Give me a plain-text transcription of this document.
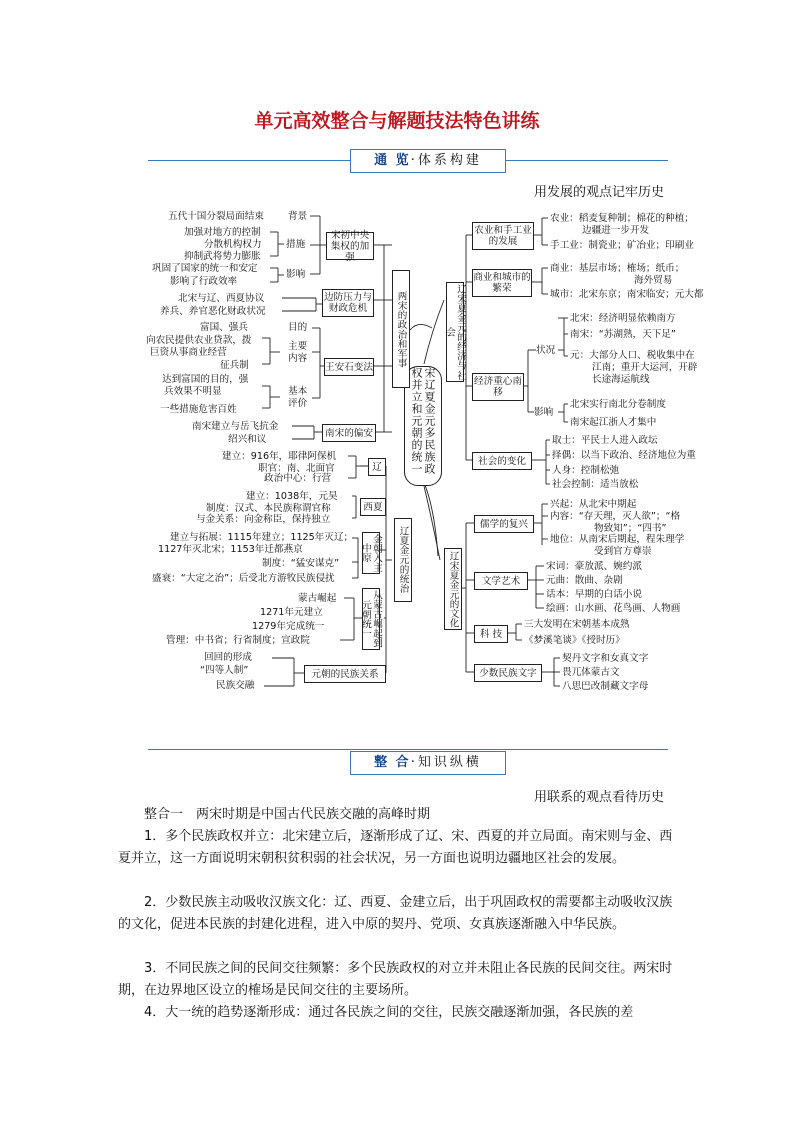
单元高效整合与解题技法特色讲练
通 览·体系构建
用发展的观点记牢历史
宋辽夏金元多民族政权并立和元朝的统一
两宋的政治和军事
辽夏金元的统治
辽宋夏金元的经济与社会
辽宋夏金元的文化
宋初中央集权的加强
五代十国分裂局面结束	背景
加强对地方的控制
分散机构权力	措施
抑制武将势力膨胀
巩固了国家的统一和安定
影响了行政效率
影响
边防压力与财政危机
北宋与辽、西夏协议
养兵、养官恶化财政状况
王安石变法
富国、强兵	目的
向农民提供农业贷款，拨
巨资从事商业经营
主要
内容
征兵制
达到富国的目的，强
兵效果不明显	基本
评价
一些措施危害百姓
南宋的偏安
南宋建立与岳飞抗金
绍兴和议
辽
建立：916年，耶律阿保机
职官：南、北面官
政治中心：行营
西夏
建立：1038年，元昊
制度：汉式、本民族称谓官称
与金关系：向金称臣，保持独立
金朝入主中原
建立与拓展：1115年建立；1125年灭辽；
1127年灭北宋；1153年迁都燕京
制度：“猛安谋克”
盛衰：“大定之治”；后受北方游牧民族侵扰
从蒙古崛起到元朝统一
蒙古崛起
1271年元建立
1279年完成统一
管理：中书省；行省制度；宣政院
元朝的民族关系
回回的形成
“四等人制”
民族交融
农业和手工业的发展
农业：稻麦复种制；棉花的种植；
边疆进一步开发
手工业：制瓷业；矿冶业；印刷业
商业和城市的繁荣
商业：基层市场；榷场；纸币；
海外贸易
城市：北宋东京；南宋临安；元大都
经济重心南移
北宋：经济明显依赖南方
南宋：“苏湖熟，天下足”
状况 元：大部分人口、税收集中在
江南；重开大运河，开辟
长途海运航线
影响
北宋实行南北分卷制度
南宋起江浙人才集中
社会的变化
取士：平民士人进入政坛
择偶：以当下政治、经济地位为重
人身：控制松弛
社会控制：适当放松
儒学的复兴
兴起：从北宋中期起
内容：“存天理，灭人欲”；“格
物致知”；“四书”
地位：从南宋后期起，程朱理学
受到官方尊崇
文学艺术
宋词：豪放派、婉约派
元曲：散曲、杂剧
话本：早期的白话小说
绘画：山水画、花鸟画、人物画
科 技
三大发明在宋朝基本成熟
《梦溪笔谈》《授时历》
少数民族文字
契丹文字和女真文字
畏兀体蒙古文
八思巴改制藏文字母
整 合·知识纵横
用联系的观点看待历史
整合一　两宋时期是中国古代民族交融的高峰时期
1．多个民族政权并立：北宋建立后，逐渐形成了辽、宋、西夏的并立局面。南宋则与金、西夏并立，这一方面说明宋朝积贫积弱的社会状况，另一方面也说明边疆地区社会的发展。
2．少数民族主动吸收汉族文化：辽、西夏、金建立后，出于巩固政权的需要都主动吸收汉族的文化，促进本民族的封建化进程，进入中原的契丹、党项、女真族逐渐融入中华民族。
3．不同民族之间的民间交往频繁：多个民族政权的对立并未阻止各民族的民间交往。两宋时期，在边界地区设立的榷场是民间交往的主要场所。
4．大一统的趋势逐渐形成：通过各民族之间的交往，民族交融逐渐加强，各民族的差
